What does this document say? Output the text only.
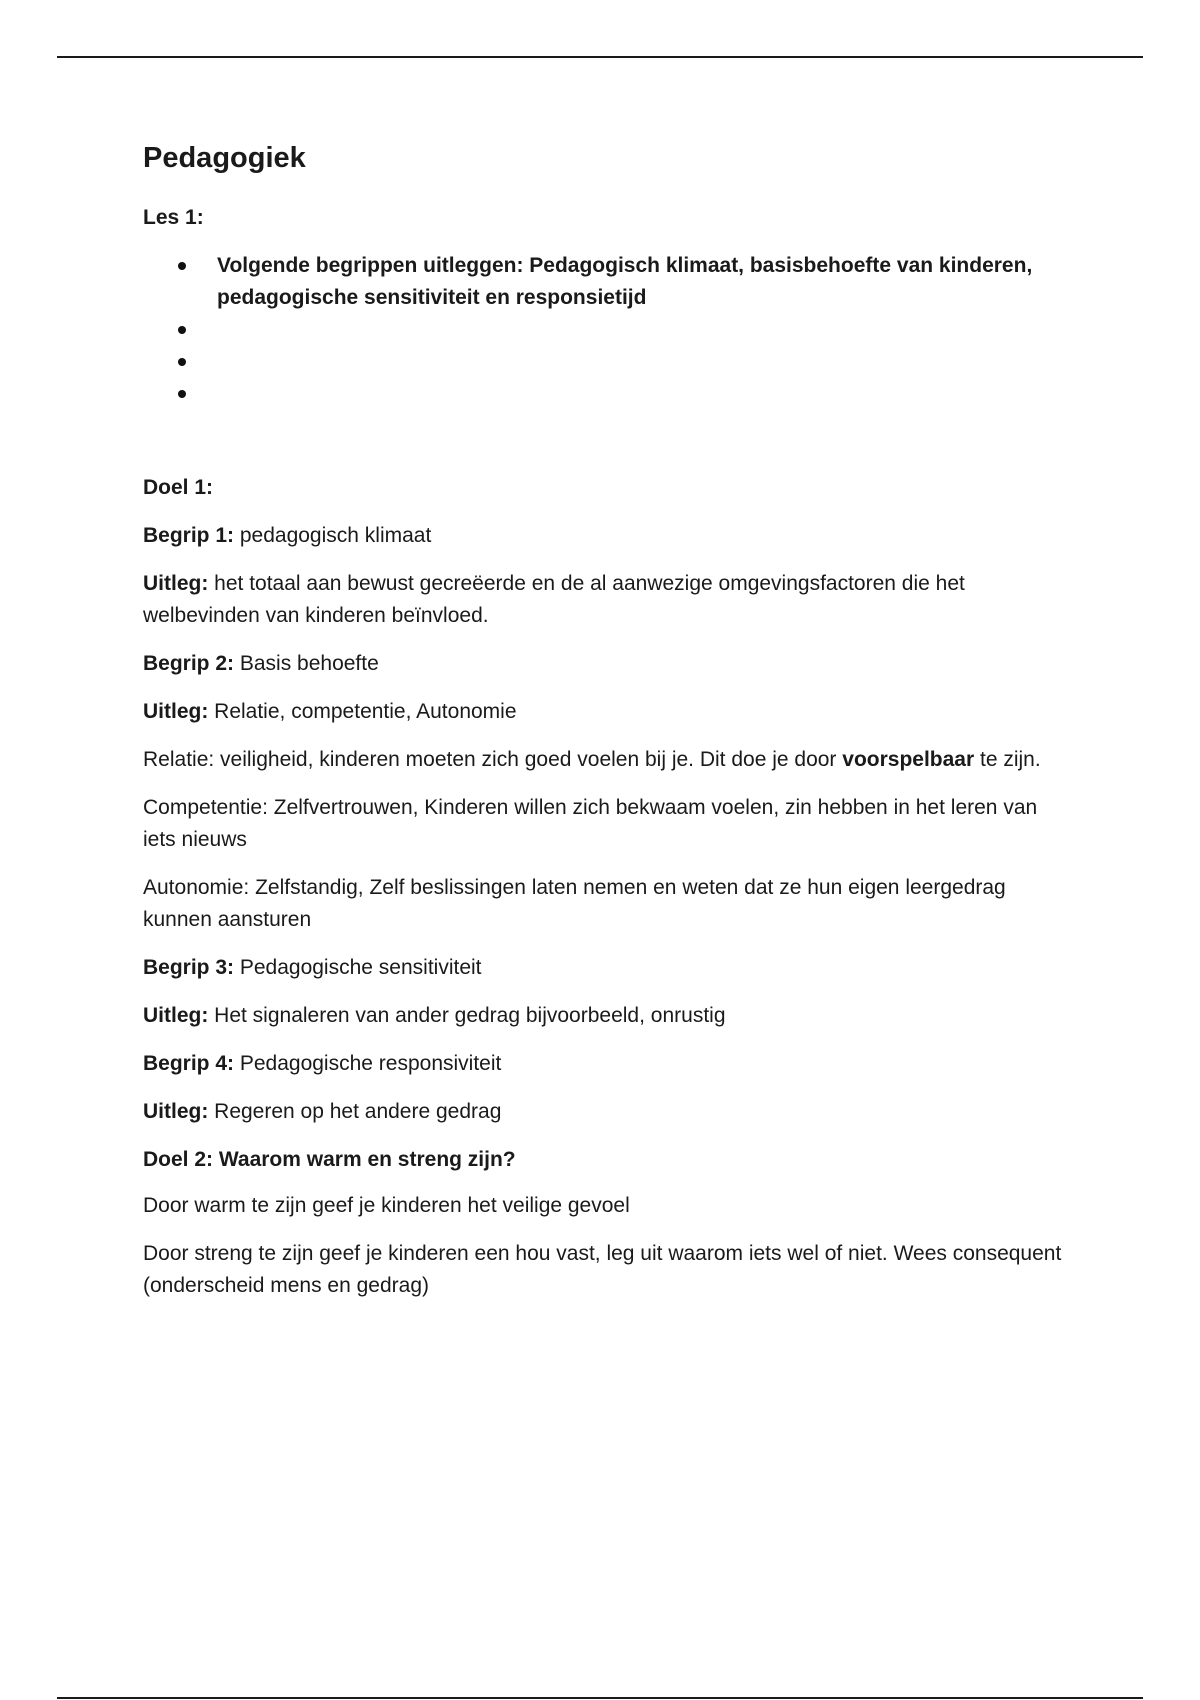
Pedagogiek

Les 1:

Volgende begrippen uitleggen: Pedagogisch klimaat, basisbehoefte van kinderen, pedagogische sensitiviteit en responsietijd

Doel 1:

Begrip 1: pedagogisch klimaat

Uitleg: het totaal aan bewust gecreëerde en de al aanwezige omgevingsfactoren die het welbevinden van kinderen beïnvloed.

Begrip 2: Basis behoefte

Uitleg: Relatie, competentie, Autonomie

Relatie: veiligheid, kinderen moeten zich goed voelen bij je. Dit doe je door voorspelbaar te zijn.

Competentie: Zelfvertrouwen, Kinderen willen zich bekwaam voelen, zin hebben in het leren van iets nieuws

Autonomie: Zelfstandig, Zelf beslissingen laten nemen en weten dat ze hun eigen leergedrag kunnen aansturen

Begrip 3: Pedagogische sensitiviteit

Uitleg: Het signaleren van ander gedrag bijvoorbeeld, onrustig

Begrip 4: Pedagogische responsiviteit

Uitleg: Regeren op het andere gedrag

Doel 2: Waarom warm en streng zijn?

Door warm te zijn geef je kinderen het veilige gevoel

Door streng te zijn geef je kinderen een hou vast, leg uit waarom iets wel of niet. Wees consequent (onderscheid mens en gedrag)
